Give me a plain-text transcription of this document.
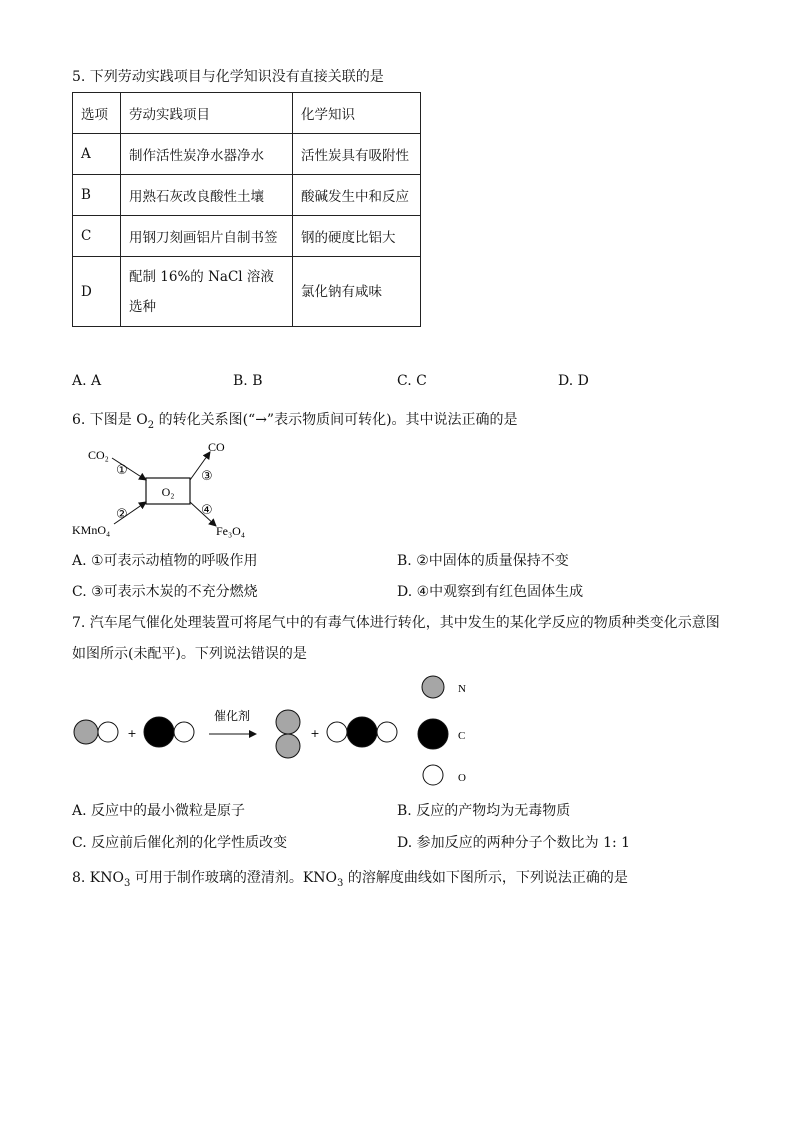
5. 下列劳动实践项目与化学知识没有直接关联的是
选项	劳动实践项目	化学知识
A	制作活性炭净水器净水	活性炭具有吸附性
B	用熟石灰改良酸性土壤	酸碱发生中和反应
C	用钢刀刻画铝片自制书签	钢的硬度比铝大
D	配制 16%的 NaCl 溶液选种	氯化钠有咸味
A. A	B. B	C. C	D. D
6. 下图是 $O_2$ 的转化关系图(“→”表示物质间可转化)。其中说法正确的是
O₂
CO₂
CO
KMnO₄	Fe₃O₄
①
②
③
④
A. ①可表示动植物的呼吸作用	B. ②中固体的质量保持不变
C. ③可表示木炭的不充分燃烧	D. ④中观察到有红色固体生成
7. 汽车尾气催化处理装置可将尾气中的有毒气体进行转化，其中发生的某化学反应的物质种类变化示意图
如图所示(未配平)。下列说法错误的是
+
催化剂
+
N
C
O
A. 反应中的最小微粒是原子	B. 反应的产物均为无毒物质
C. 反应前后催化剂的化学性质改变	D. 参加反应的两种分子个数比为 1: 1
8. $KNO_3$ 可用于制作玻璃的澄清剂。$KNO_3$ 的溶解度曲线如下图所示，下列说法正确的是
